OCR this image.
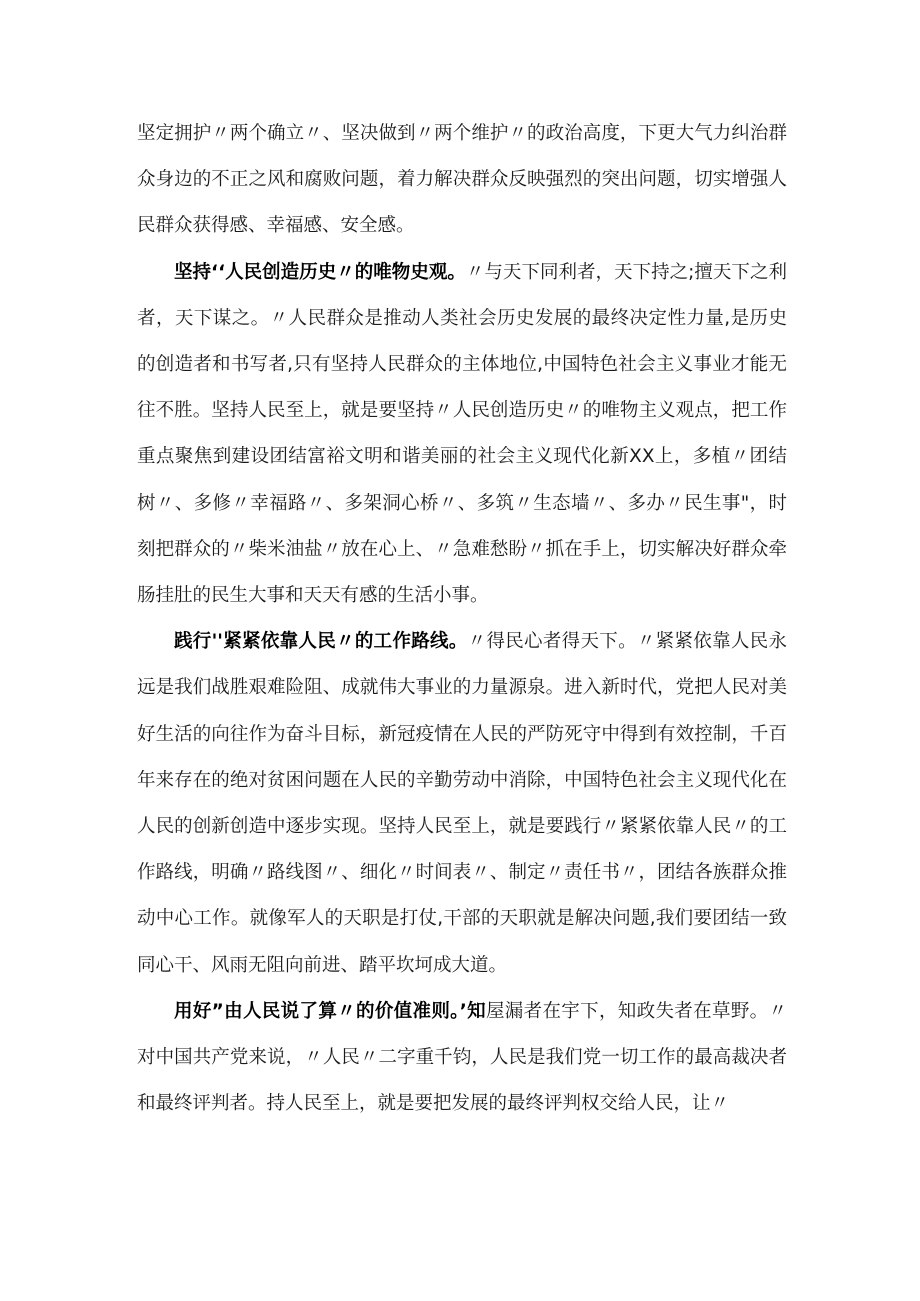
坚定拥护〃两个确立〃、坚决做到〃两个维护〃的政治高度，下更大气力纠治群众身边的不正之风和腐败问题，着力解决群众反映强烈的突出问题，切实增强人民群众获得感、幸福感、安全感。

坚持‘‘人民创造历史〃的唯物史观。〃与天下同利者，天下持之;擅天下之利者，天下谋之。〃人民群众是推动人类社会历史发展的最终决定性力量,是历史的创造者和书写者,只有坚持人民群众的主体地位,中国特色社会主义事业才能无往不胜。坚持人民至上，就是要坚持〃人民创造历史〃的唯物主义观点，把工作重点聚焦到建设团结富裕文明和谐美丽的社会主义现代化新XX上，多植〃团结树〃、多修〃幸福路〃、多架洞心桥〃、多筑〃生态墙〃、多办〃民生事"，时刻把群众的〃柴米油盐〃放在心上、〃急难愁盼〃抓在手上，切实解决好群众牵肠挂肚的民生大事和天天有感的生活小事。

践行''紧紧依靠人民〃的工作路线。〃得民心者得天下。〃紧紧依靠人民永远是我们战胜艰难险阻、成就伟大事业的力量源泉。进入新时代，党把人民对美好生活的向往作为奋斗目标，新冠疫情在人民的严防死守中得到有效控制，千百年来存在的绝对贫困问题在人民的辛勤劳动中消除，中国特色社会主义现代化在人民的创新创造中逐步实现。坚持人民至上，就是要践行〃紧紧依靠人民〃的工作路线，明确〃路线图〃、细化〃时间表〃、制定〃责任书〃，团结各族群众推动中心工作。就像军人的天职是打仗,干部的天职就是解决问题,我们要团结一致同心干、风雨无阻向前进、踏平坎坷成大道。

用好”由人民说了算〃的价值准则。’知屋漏者在宇下，知政失者在草野。〃对中国共产党来说，〃人民〃二字重千钧，人民是我们党一切工作的最高裁决者和最终评判者。持人民至上，就是要把发展的最终评判权交给人民，让〃
